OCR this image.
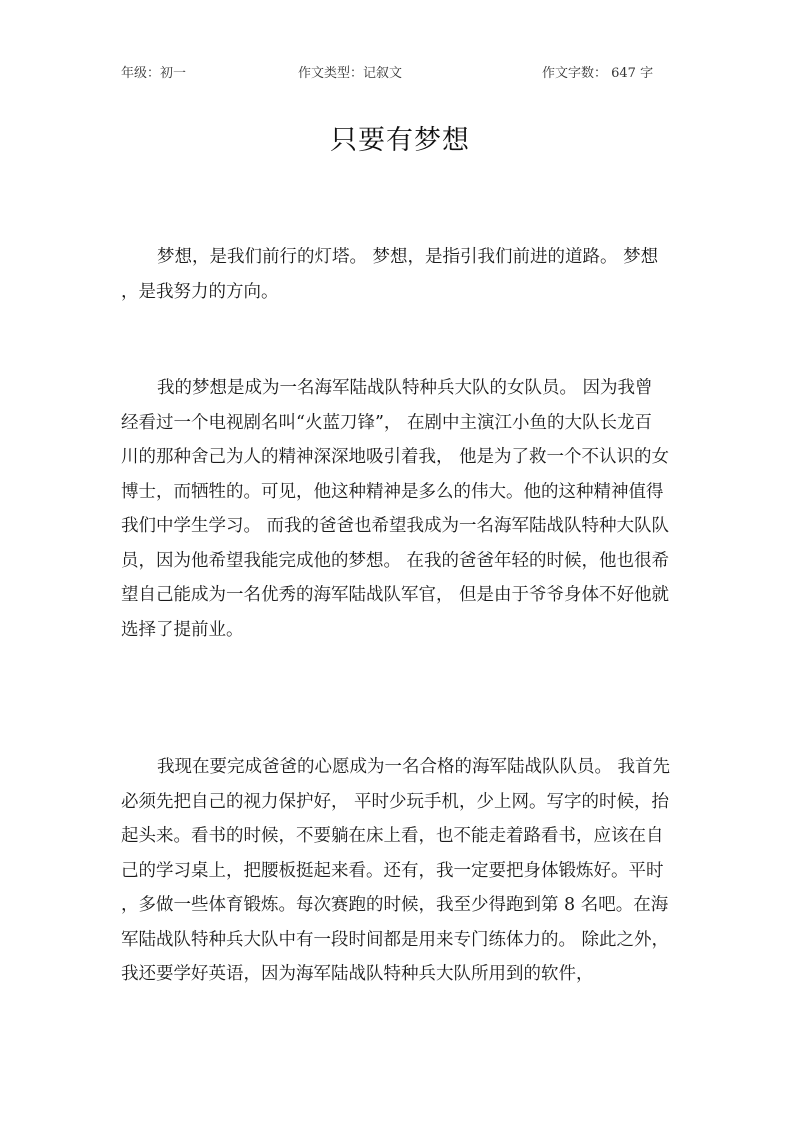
年级：初一	作文类型：记叙文	作文字数： 647 字
只要有梦想
梦想，是我们前行的灯塔。 梦想，是指引我们前进的道路。 梦想
，是我努力的方向。
我的梦想是成为一名海军陆战队特种兵大队的女队员。 因为我曾
经看过一个电视剧名叫“火蓝刀锋”， 在剧中主演江小鱼的大队长龙百
川的那种舍己为人的精神深深地吸引着我， 他是为了救一个不认识的女
博士，而牺牲的。可见，他这种精神是多么的伟大。他的这种精神值得
我们中学生学习。 而我的爸爸也希望我成为一名海军陆战队特种大队队
员，因为他希望我能完成他的梦想。 在我的爸爸年轻的时候，他也很希
望自己能成为一名优秀的海军陆战队军官， 但是由于爷爷身体不好他就
选择了提前业。
我现在要完成爸爸的心愿成为一名合格的海军陆战队队员。 我首先
必须先把自己的视力保护好， 平时少玩手机，少上网。写字的时候，抬
起头来。看书的时候，不要躺在床上看，也不能走着路看书，应该在自
己的学习桌上，把腰板挺起来看。还有，我一定要把身体锻炼好。平时
，多做一些体育锻炼。每次赛跑的时候，我至少得跑到第 8 名吧。在海
军陆战队特种兵大队中有一段时间都是用来专门练体力的。 除此之外，
我还要学好英语，因为海军陆战队特种兵大队所用到的软件，
